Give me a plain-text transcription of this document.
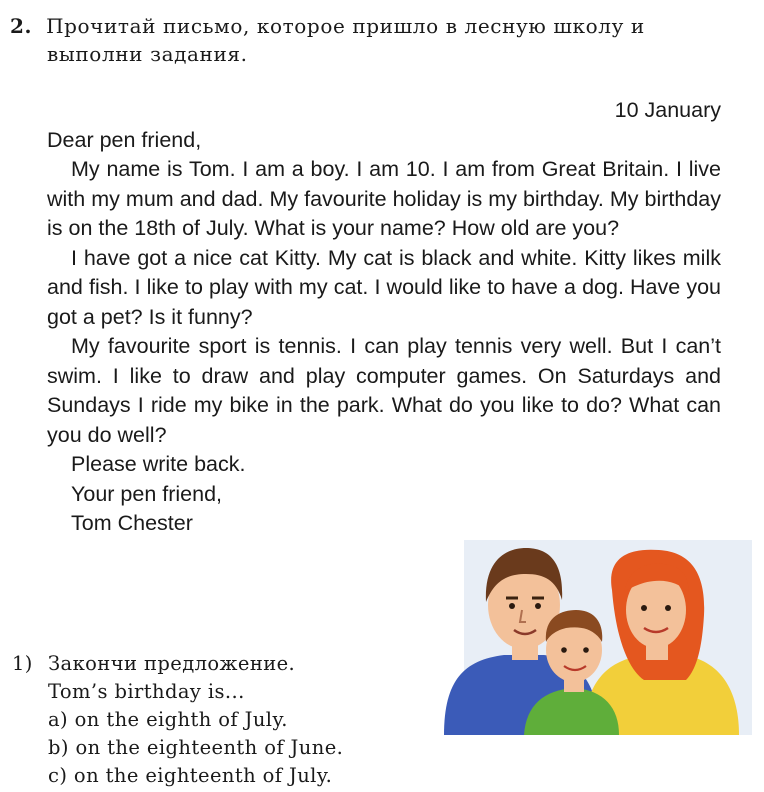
2. Прочитай письмо, которое пришло в лесную школу и
выполни задания.
10 January
Dear pen friend,
My name is Tom. I am a boy. I am 10. I am from Great Britain. I live with my mum and dad. My favourite holiday is my birthday. My birthday is on the 18th of July. What is your name? How old are you?
I have got a nice cat Kitty. My cat is black and white. Kitty likes milk and fish. I like to play with my cat. I would like to have a dog. Have you got a pet? Is it funny?
My favourite sport is tennis. I can play tennis very well. But I can’t swim. I like to draw and play computer games. On Saturdays and Sundays I ride my bike in the park. What do you like to do? What can you do well?
Please write back.
Your pen friend,
Tom Chester
1) Закончи предложение.
Tom’s birthday is...
a) on the eighth of July.
b) on the eighteenth of June.
c) on the eighteenth of July.
